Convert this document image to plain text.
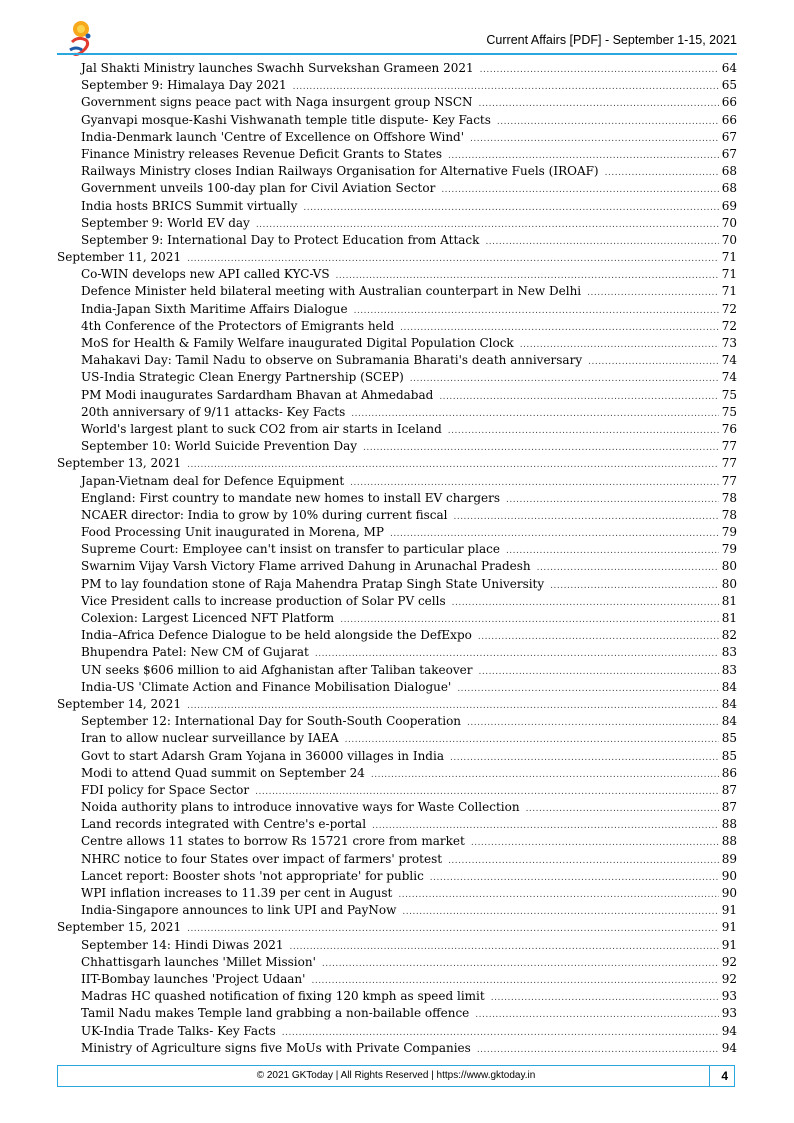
Current Affairs [PDF] - September 1-15, 2021
Jal Shakti Ministry launches Swachh Survekshan Grameen 2021 .....	64
September 9: Himalaya Day 2021 .....	65
Government signs peace pact with Naga insurgent group NSCN .....	66
Gyanvapi mosque-Kashi Vishwanath temple title dispute- Key Facts .....	66
India-Denmark launch 'Centre of Excellence on Offshore Wind' .....	67
Finance Ministry releases Revenue Deficit Grants to States .....	67
Railways Ministry closes Indian Railways Organisation for Alternative Fuels (IROAF) .....	68
Government unveils 100-day plan for Civil Aviation Sector .....	68
India hosts BRICS Summit virtually .....	69
September 9: World EV day .....	70
September 9: International Day to Protect Education from Attack .....	70
September 11, 2021 .....	71
Co-WIN develops new API called KYC-VS .....	71
Defence Minister held bilateral meeting with Australian counterpart in New Delhi .....	71
India-Japan Sixth Maritime Affairs Dialogue .....	72
4th Conference of the Protectors of Emigrants held .....	72
MoS for Health & Family Welfare inaugurated Digital Population Clock .....	73
Mahakavi Day: Tamil Nadu to observe on Subramania Bharati's death anniversary .....	74
US-India Strategic Clean Energy Partnership (SCEP) .....	74
PM Modi inaugurates Sardardham Bhavan at Ahmedabad .....	75
20th anniversary of 9/11 attacks- Key Facts .....	75
World's largest plant to suck CO2 from air starts in Iceland .....	76
September 10: World Suicide Prevention Day .....	77
September 13, 2021 .....	77
Japan-Vietnam deal for Defence Equipment .....	77
England: First country to mandate new homes to install EV chargers .....	78
NCAER director: India to grow by 10% during current fiscal .....	78
Food Processing Unit inaugurated in Morena, MP .....	79
Supreme Court: Employee can't insist on transfer to particular place .....	79
Swarnim Vijay Varsh Victory Flame arrived Dahung in Arunachal Pradesh .....	80
PM to lay foundation stone of Raja Mahendra Pratap Singh State University .....	80
Vice President calls to increase production of Solar PV cells .....	81
Colexion: Largest Licenced NFT Platform .....	81
India–Africa Defence Dialogue to be held alongside the DefExpo .....	82
Bhupendra Patel: New CM of Gujarat .....	83
UN seeks $606 million to aid Afghanistan after Taliban takeover .....	83
India-US 'Climate Action and Finance Mobilisation Dialogue' .....	84
September 14, 2021 .....	84
September 12: International Day for South-South Cooperation .....	84
Iran to allow nuclear surveillance by IAEA .....	85
Govt to start Adarsh Gram Yojana in 36000 villages in India .....	85
Modi to attend Quad summit on September 24 .....	86
FDI policy for Space Sector .....	87
Noida authority plans to introduce innovative ways for Waste Collection .....	87
Land records integrated with Centre's e-portal .....	88
Centre allows 11 states to borrow Rs 15721 crore from market .....	88
NHRC notice to four States over impact of farmers' protest .....	89
Lancet report: Booster shots 'not appropriate' for public .....	90
WPI inflation increases to 11.39 per cent in August .....	90
India-Singapore announces to link UPI and PayNow .....	91
September 15, 2021 .....	91
September 14: Hindi Diwas 2021 .....	91
Chhattisgarh launches 'Millet Mission' .....	92
IIT-Bombay launches 'Project Udaan' .....	92
Madras HC quashed notification of fixing 120 kmph as speed limit .....	93
Tamil Nadu makes Temple land grabbing a non-bailable offence .....	93
UK-India Trade Talks- Key Facts .....	94
Ministry of Agriculture signs five MoUs with Private Companies .....	94
© 2021 GKToday | All Rights Reserved | https://www.gktoday.in	4
